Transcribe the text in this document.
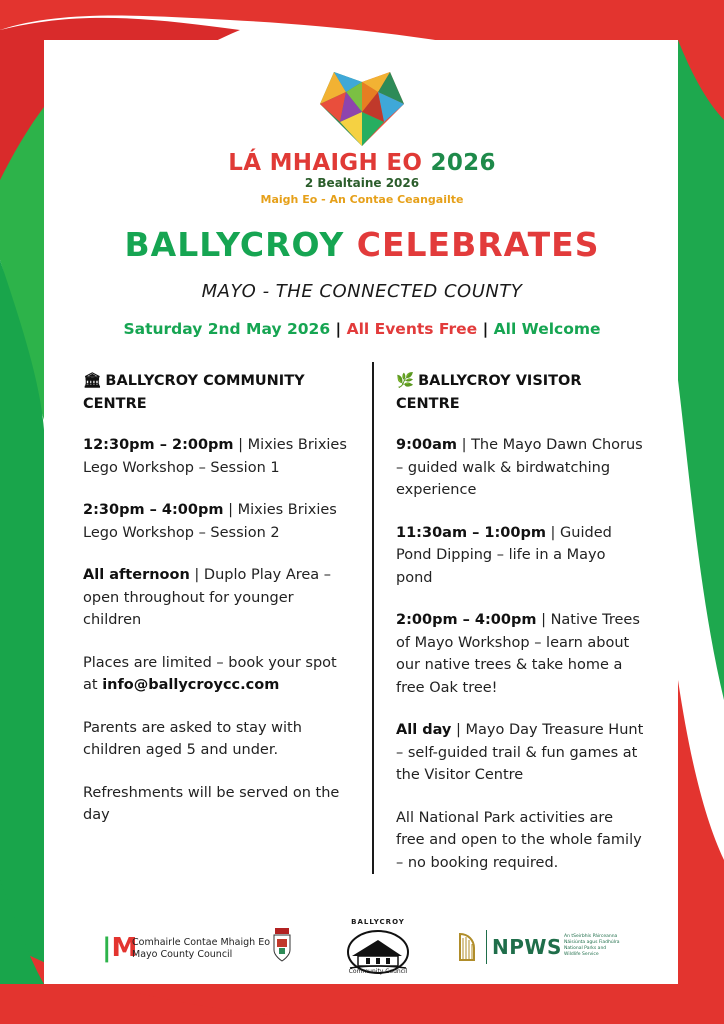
LÁ MHAIGH EO 2026
2 Bealtaine 2026
Maigh Eo - An Contae Ceangailte
BALLYCROY CELEBRATES
MAYO - THE CONNECTED COUNTY
Saturday 2nd May 2026 | All Events Free | All Welcome
🏛 BALLYCROY COMMUNITY CENTRE

12:30pm – 2:00pm | Mixies Brixies Lego Workshop – Session 1

2:30pm – 4:00pm | Mixies Brixies Lego Workshop – Session 2

All afternoon | Duplo Play Area – open throughout for younger children

Places are limited – book your spot at info@ballycroycc.com

Parents are asked to stay with children aged 5 and under.

Refreshments will be served on the day

🌿 BALLYCROY VISITOR CENTRE

9:00am | The Mayo Dawn Chorus – guided walk & birdwatching experience

11:30am – 1:00pm | Guided Pond Dipping – life in a Mayo pond

2:00pm – 4:00pm | Native Trees of Mayo Workshop – learn about our native trees & take home a free Oak tree!

All day | Mayo Day Treasure Hunt – self-guided trail & fun games at the Visitor Centre

All National Park activities are free and open to the whole family – no booking required.

|M
Comhairle Contae Mhaigh Eo
Mayo County Council
BALLYCROY
Community Council
NPWS An tSeirbhís Páirceanna Náisiúnta agus Fiadhúlra National Parks and Wildlife Service
